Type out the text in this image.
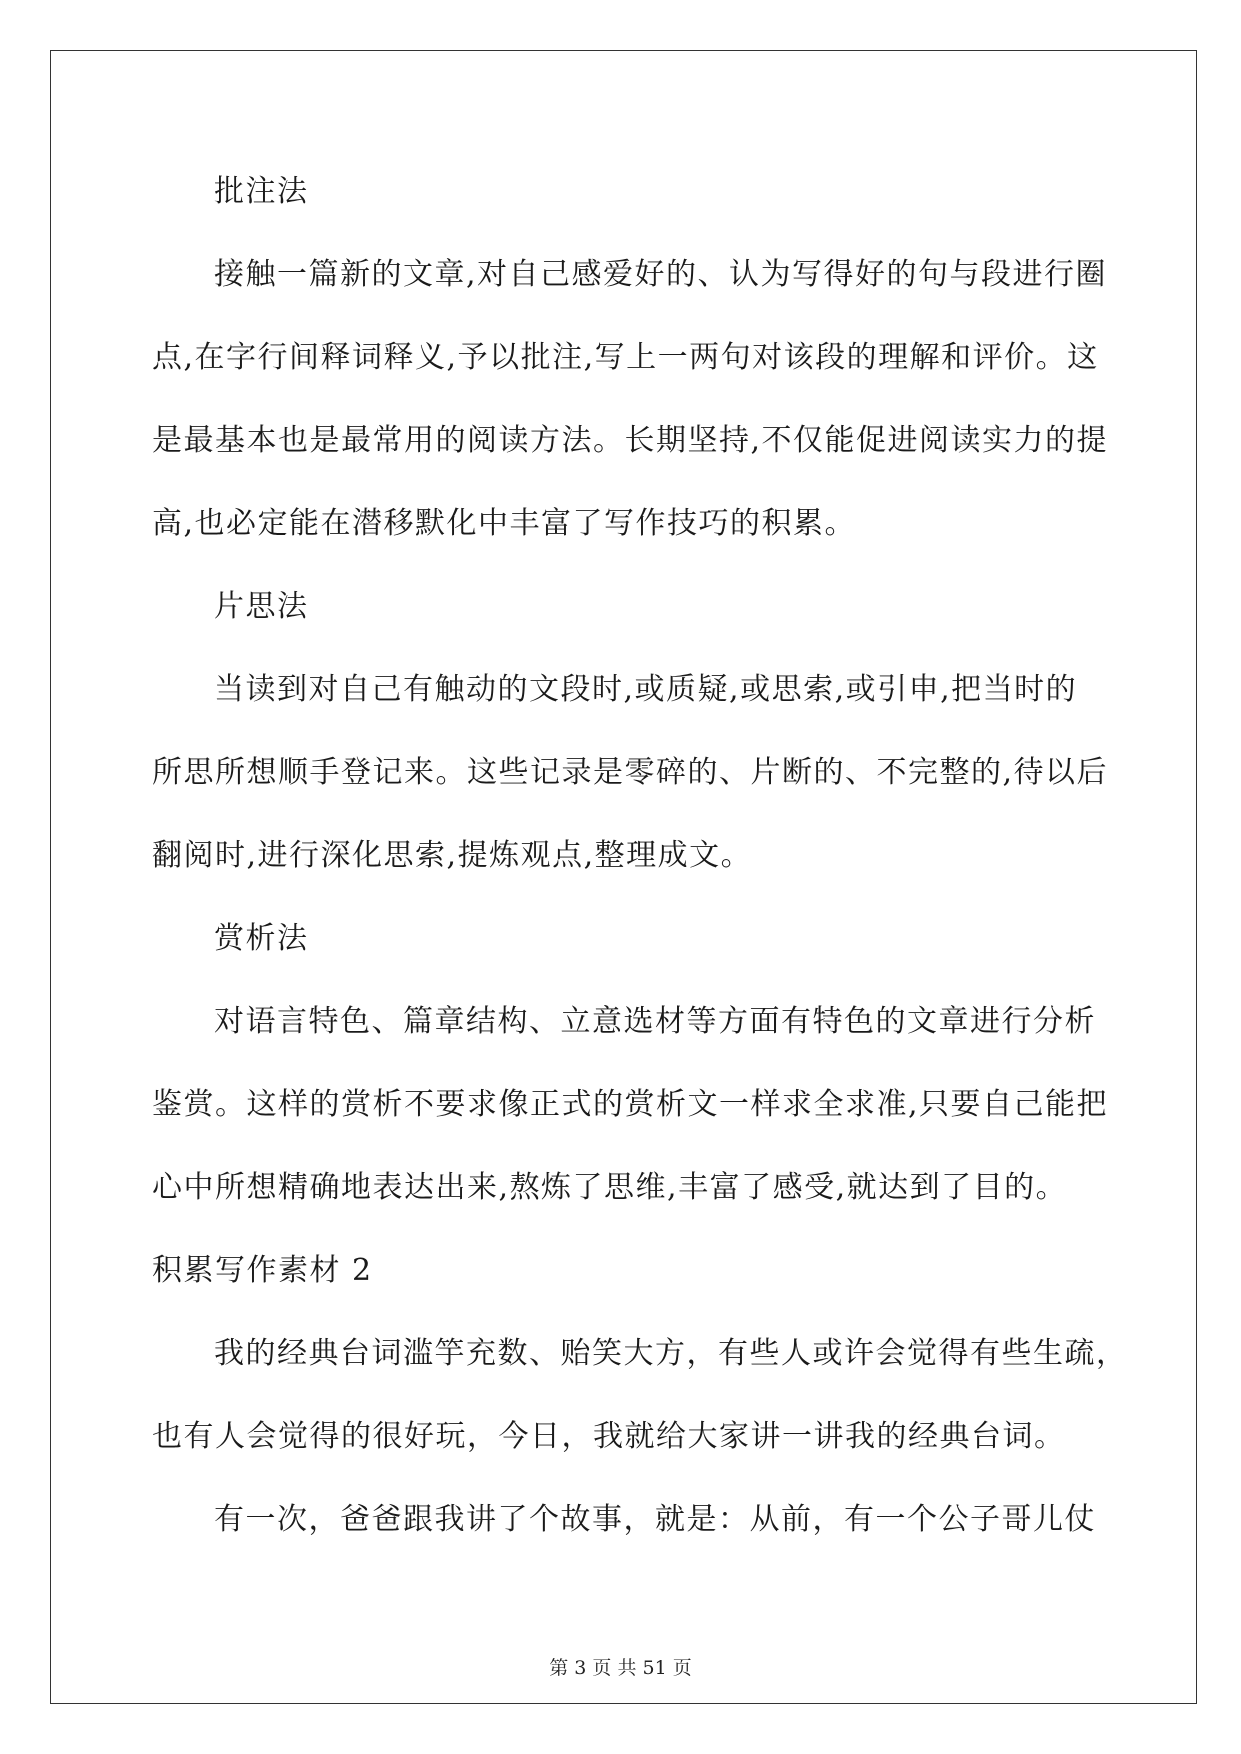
批注法
接触一篇新的文章,对自己感爱好的、认为写得好的句与段进行圈
点,在字行间释词释义,予以批注,写上一两句对该段的理解和评价。这
是最基本也是最常用的阅读方法。长期坚持,不仅能促进阅读实力的提
高,也必定能在潜移默化中丰富了写作技巧的积累。
片思法
当读到对自己有触动的文段时,或质疑,或思索,或引申,把当时的
所思所想顺手登记来。这些记录是零碎的、片断的、不完整的,待以后
翻阅时,进行深化思索,提炼观点,整理成文。
赏析法
对语言特色、篇章结构、立意选材等方面有特色的文章进行分析
鉴赏。这样的赏析不要求像正式的赏析文一样求全求准,只要自己能把
心中所想精确地表达出来,熬炼了思维,丰富了感受,就达到了目的。
积累写作素材 2
我的经典台词滥竽充数、贻笑大方，有些人或许会觉得有些生疏，
也有人会觉得的很好玩，今日，我就给大家讲一讲我的经典台词。
有一次，爸爸跟我讲了个故事，就是：从前，有一个公子哥儿仗
第 3 页 共 51 页
